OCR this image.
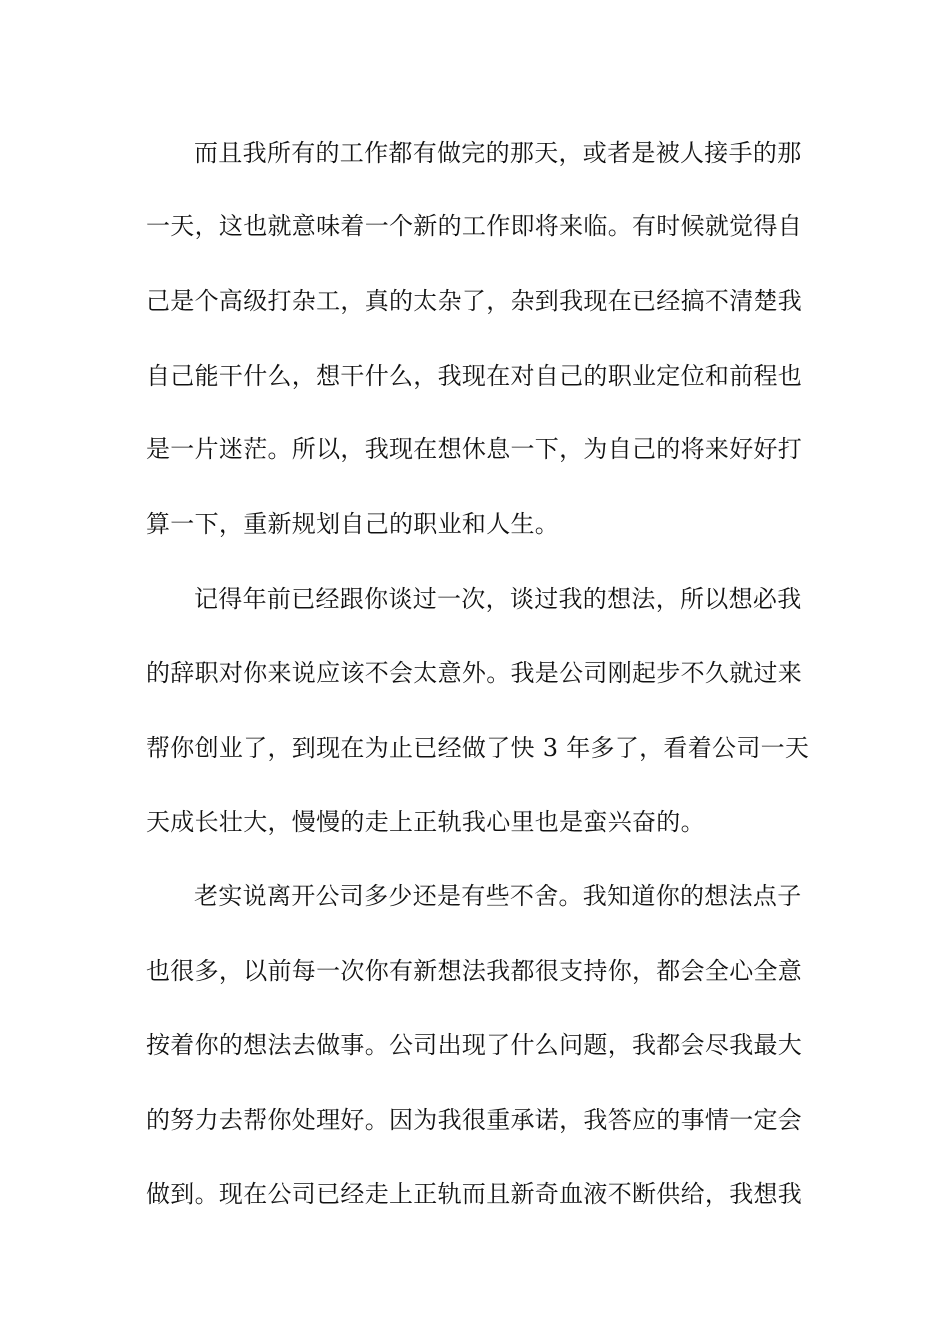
而且我所有的工作都有做完的那天，或者是被人接手的那
一天，这也就意味着一个新的工作即将来临。有时候就觉得自
己是个高级打杂工，真的太杂了，杂到我现在已经搞不清楚我
自己能干什么，想干什么，我现在对自己的职业定位和前程也
是一片迷茫。所以，我现在想休息一下，为自己的将来好好打
算一下，重新规划自己的职业和人生。
记得年前已经跟你谈过一次，谈过我的想法，所以想必我
的辞职对你来说应该不会太意外。我是公司刚起步不久就过来
帮你创业了，到现在为止已经做了快 3 年多了，看着公司一天
天成长壮大，慢慢的走上正轨我心里也是蛮兴奋的。
老实说离开公司多少还是有些不舍。我知道你的想法点子
也很多，以前每一次你有新想法我都很支持你，都会全心全意
按着你的想法去做事。公司出现了什么问题，我都会尽我最大
的努力去帮你处理好。因为我很重承诺，我答应的事情一定会
做到。现在公司已经走上正轨而且新奇血液不断供给，我想我
